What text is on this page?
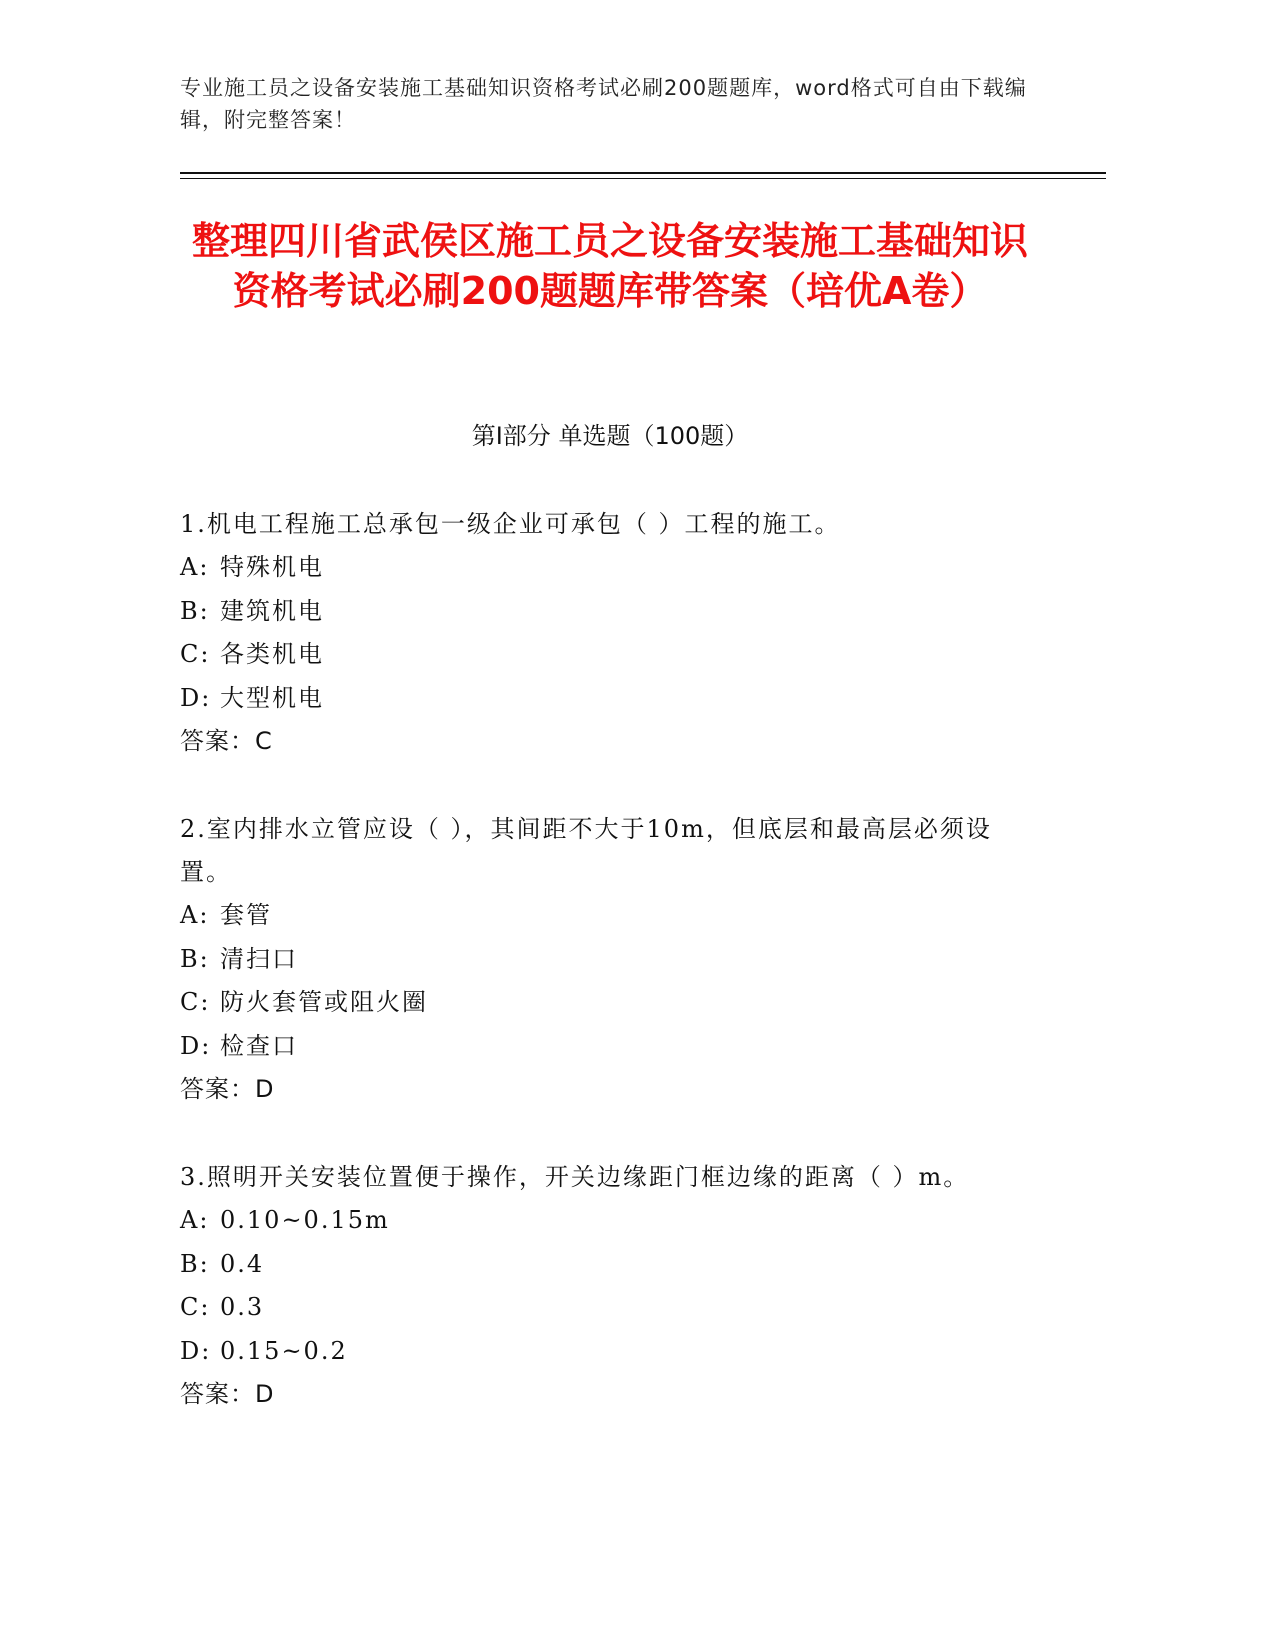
专业施工员之设备安装施工基础知识资格考试必刷200题题库，word格式可自由下载编辑，附完整答案！
整理四川省武侯区施工员之设备安装施工基础知识资格考试必刷200题题库带答案（培优A卷）
第Ⅰ部分 单选题（100题）
1.机电工程施工总承包一级企业可承包（ ）工程的施工。
A: 特殊机电
B: 建筑机电
C: 各类机电
D: 大型机电
答案：C
2.室内排水立管应设（ ），其间距不大于10m，但底层和最高层必须设置。
A: 套管
B: 清扫口
C: 防火套管或阻火圈
D: 检查口
答案：D
3.照明开关安装位置便于操作，开关边缘距门框边缘的距离（ ）m。
A: 0.10~0.15m
B: 0.4
C: 0.3
D: 0.15~0.2
答案：D
